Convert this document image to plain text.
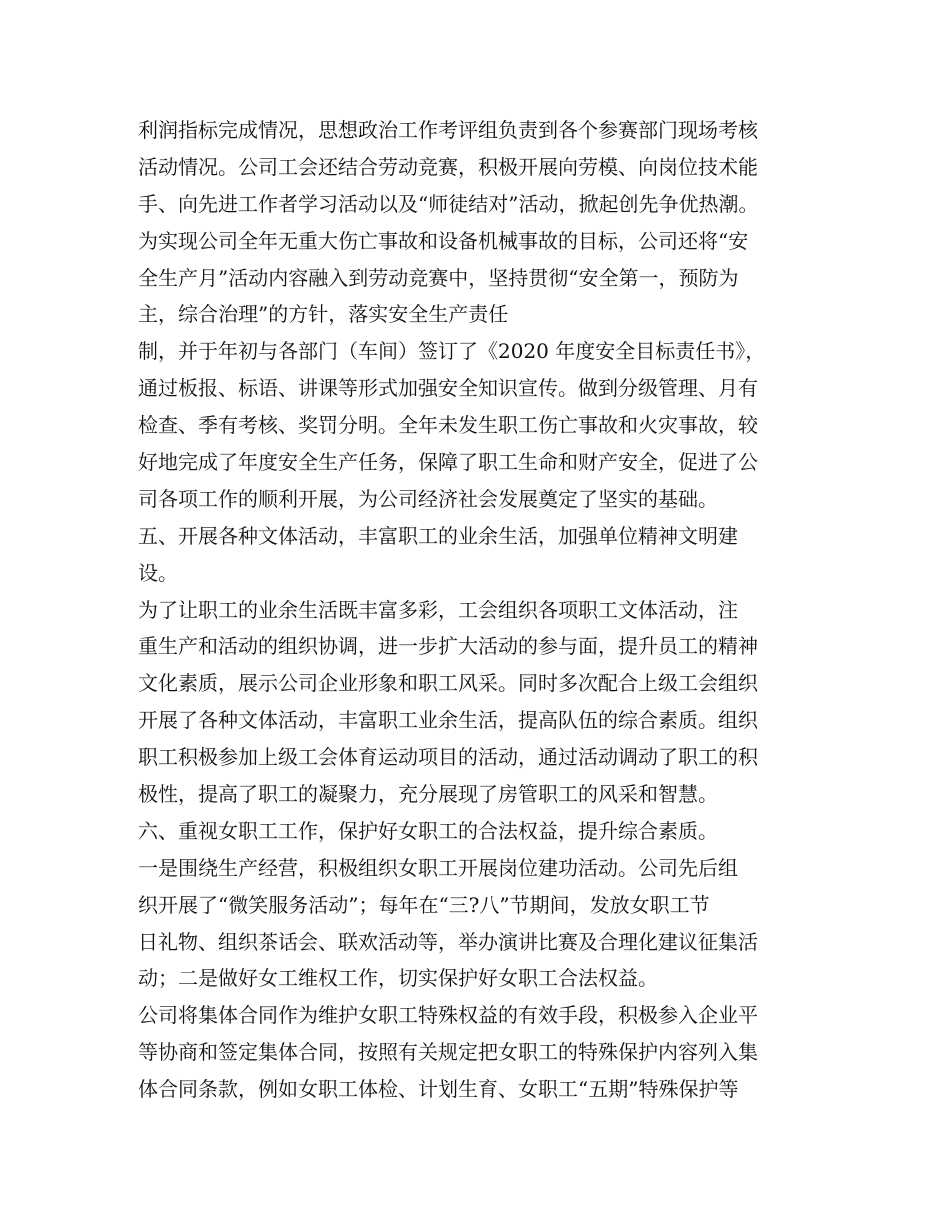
利润指标完成情况，思想政治工作考评组负责到各个参赛部门现场考核
活动情况。公司工会还结合劳动竞赛，积极开展向劳模、向岗位技术能
手、向先进工作者学习活动以及“师徒结对”活动，掀起创先争优热潮。
为实现公司全年无重大伤亡事故和设备机械事故的目标，公司还将“安
全生产月”活动内容融入到劳动竞赛中，坚持贯彻“安全第一，预防为
主，综合治理”的方针，落实安全生产责任
制，并于年初与各部门（车间）签订了《2020 年度安全目标责任书》，
通过板报、标语、讲课等形式加强安全知识宣传。做到分级管理、月有
检查、季有考核、奖罚分明。全年未发生职工伤亡事故和火灾事故，较
好地完成了年度安全生产任务，保障了职工生命和财产安全，促进了公
司各项工作的顺利开展，为公司经济社会发展奠定了坚实的基础。
五、开展各种文体活动，丰富职工的业余生活，加强单位精神文明建
设。
为了让职工的业余生活既丰富多彩，工会组织各项职工文体活动，注
重生产和活动的组织协调，进一步扩大活动的参与面，提升员工的精神
文化素质，展示公司企业形象和职工风采。同时多次配合上级工会组织
开展了各种文体活动，丰富职工业余生活，提高队伍的综合素质。组织
职工积极参加上级工会体育运动项目的活动，通过活动调动了职工的积
极性，提高了职工的凝聚力，充分展现了房管职工的风采和智慧。
六、重视女职工工作，保护好女职工的合法权益，提升综合素质。
一是围绕生产经营，积极组织女职工开展岗位建功活动。公司先后组
织开展了“微笑服务活动”；每年在“三?八”节期间，发放女职工节
日礼物、组织茶话会、联欢活动等，举办演讲比赛及合理化建议征集活
动；二是做好女工维权工作，切实保护好女职工合法权益。
公司将集体合同作为维护女职工特殊权益的有效手段，积极参入企业平
等协商和签定集体合同，按照有关规定把女职工的特殊保护内容列入集
体合同条款，例如女职工体检、计划生育、女职工“五期”特殊保护等
